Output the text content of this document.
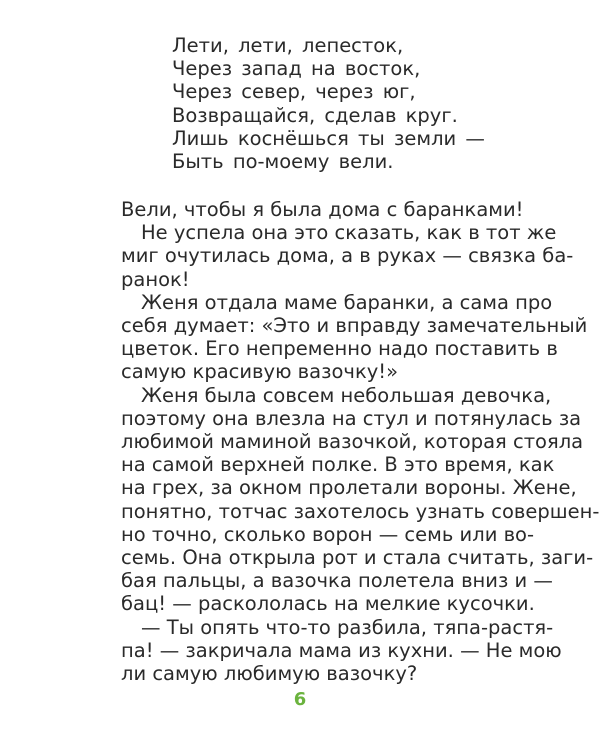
Лети, лети, лепесток,
Через запад на восток,
Через север, через юг,
Возвращайся, сделав круг.
Лишь коснёшься ты земли —
Быть по-моему вели.
Вели, чтобы я была дома с баранками!
Не успела она это сказать, как в тот же
миг очутилась дома, а в руках — связка ба-
ранок!
Женя отдала маме баранки, а сама про
себя думает: «Это и вправду замечательный
цветок. Его непременно надо поставить в
самую красивую вазочку!»
Женя была совсем небольшая девочка,
поэтому она влезла на стул и потянулась за
любимой маминой вазочкой, которая стояла
на самой верхней полке. В это время, как
на грех, за окном пролетали вороны. Жене,
понятно, тотчас захотелось узнать совершен-
но точно, сколько ворон — семь или во-
семь. Она открыла рот и стала считать, заги-
бая пальцы, а вазочка полетела вниз и —
бац! — раскололась на мелкие кусочки.
— Ты опять что-то разбила, тяпа-растя-
па! — закричала мама из кухни. — Не мою
ли самую любимую вазочку?
6
